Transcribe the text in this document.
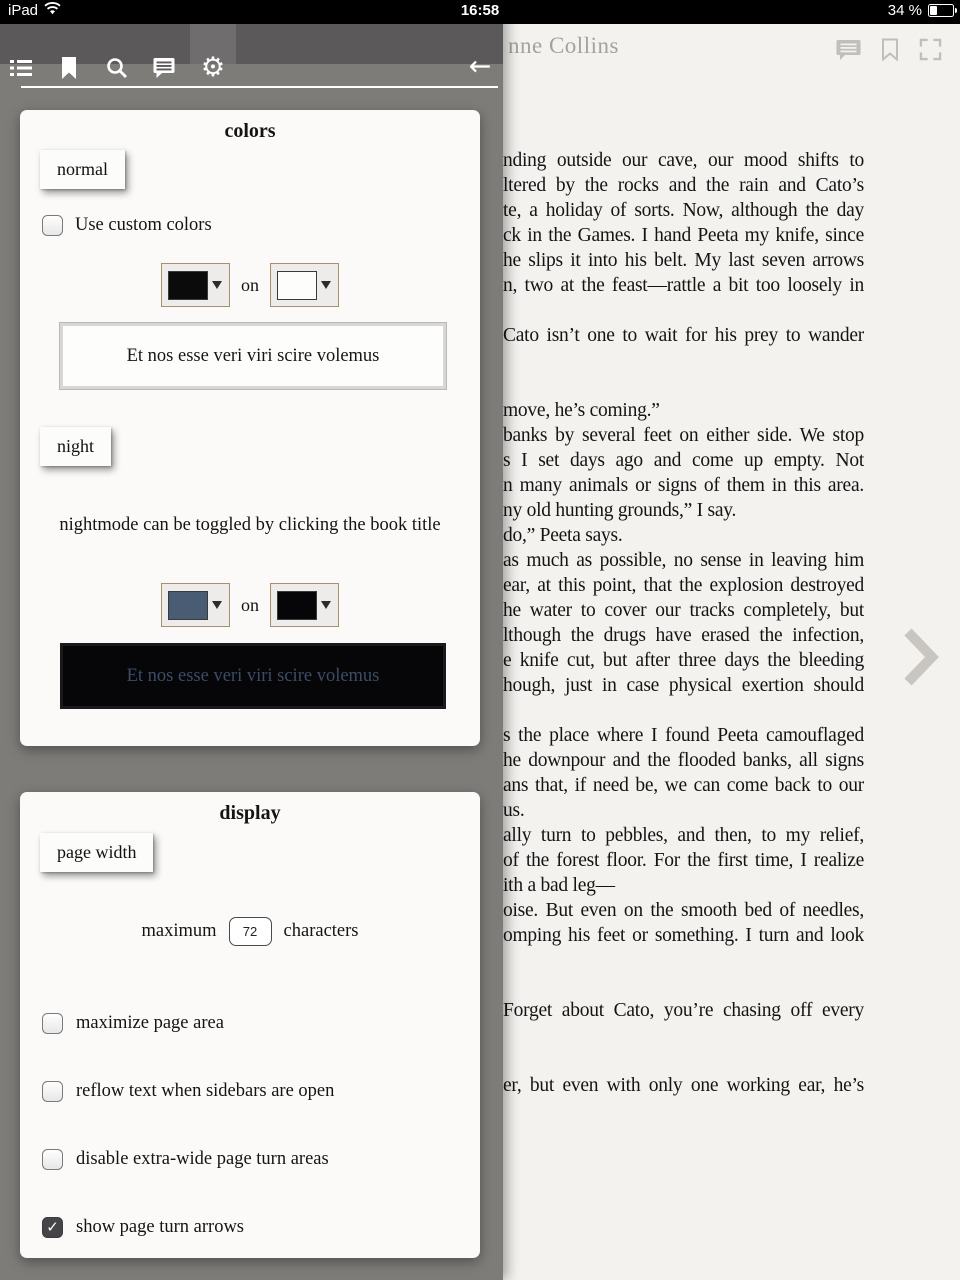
nne Collins
nding outside our cave, our mood shifts to
ltered by the rocks and the rain and Cato’s
te, a holiday of sorts. Now, although the day
ck in the Games. I hand Peeta my knife, since
he slips it into his belt. My last seven arrows
n, two at the feast—rattle a bit too loosely in

Cato isn’t one to wait for his prey to wander

move, he’s coming.”
banks by several feet on either side. We stop
s I set days ago and come up empty. Not
n many animals or signs of them in this area.
ny old hunting grounds,” I say.
do,” Peeta says.
as much as possible, no sense in leaving him
ear, at this point, that the explosion destroyed
he water to cover our tracks completely, but
lthough the drugs have erased the infection,
e knife cut, but after three days the bleeding
hough, just in case physical exertion should

s the place where I found Peeta camouflaged
he downpour and the flooded banks, all signs
ans that, if need be, we can come back to our
us.
ally turn to pebbles, and then, to my relief,
of the forest floor. For the first time, I realize
ith a bad leg—
oise. But even on the smooth bed of needles,
omping his feet or something. I turn and look

Forget about Cato, you’re chasing off every

er, but even with only one working ear, he’s
⚙	←
colors
normal
Use custom colors
on
Et nos esse veri viri scire volemus
night
nightmode can be toggled by clicking the book title
on
Et nos esse veri viri scire volemus
display
page width
maximum	72	characters
maximize page area
reflow text when sidebars are open
disable extra-wide page turn areas
✓
show page turn arrows
iPad	16:58	34 %
